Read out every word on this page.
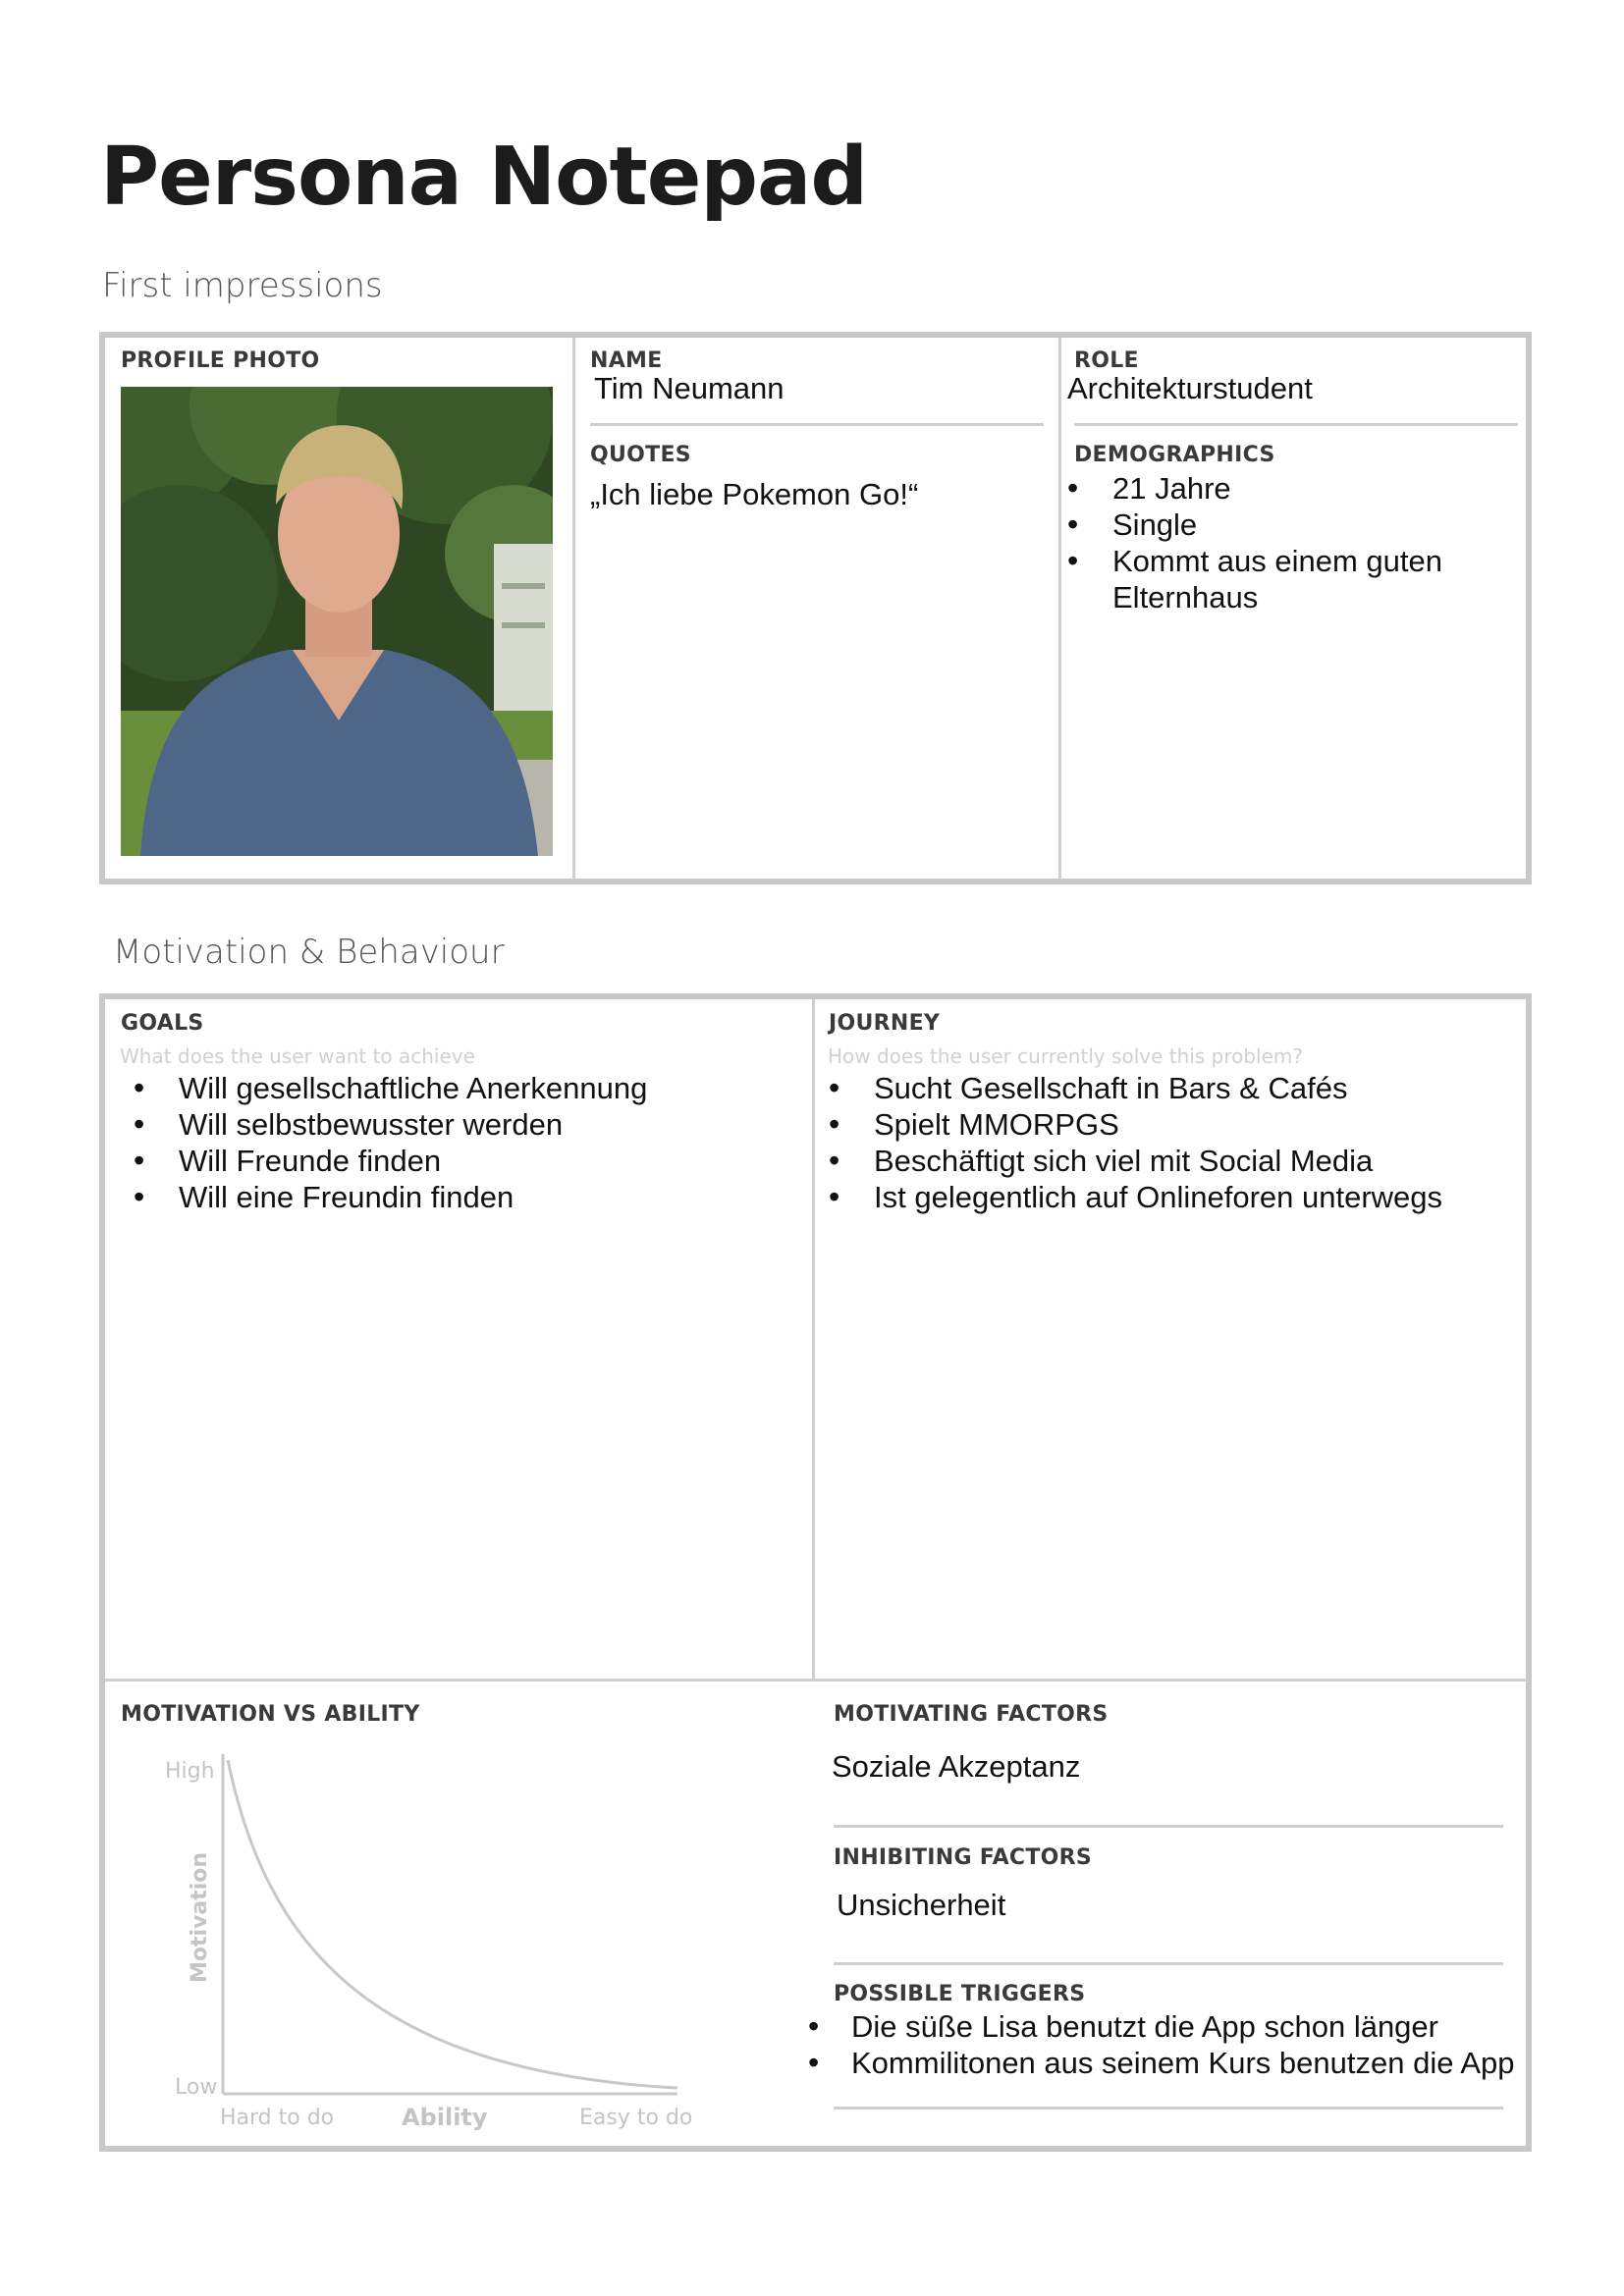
Persona Notepad

First impressions

PROFILE PHOTO	NAME

Tim Neumann

QUOTES

„Ich liebe Pokemon Go!“

ROLE

Architekturstudent

DEMOGRAPHICS

• 21 Jahre
• Single
• Kommt aus einem guten Elternhaus

Motivation & Behaviour

GOALS

What does the user want to achieve

• Will gesellschaftliche Anerkennung
• Will selbstbewusster werden
• Will Freunde finden
• Will eine Freundin finden

JOURNEY

How does the user currently solve this problem?

• Sucht Gesellschaft in Bars & Cafés
• Spielt MMORPGS
• Beschäftigt sich viel mit Social Media
• Ist gelegentlich auf Onlineforen unterwegs

MOTIVATION VS ABILITY

High
Low
Motivation
Hard to do	Ability	Easy to do

MOTIVATING FACTORS

Soziale Akzeptanz

INHIBITING FACTORS

Unsicherheit

POSSIBLE TRIGGERS

• Die süße Lisa benutzt die App schon länger
• Kommilitonen aus seinem Kurs benutzen die App
